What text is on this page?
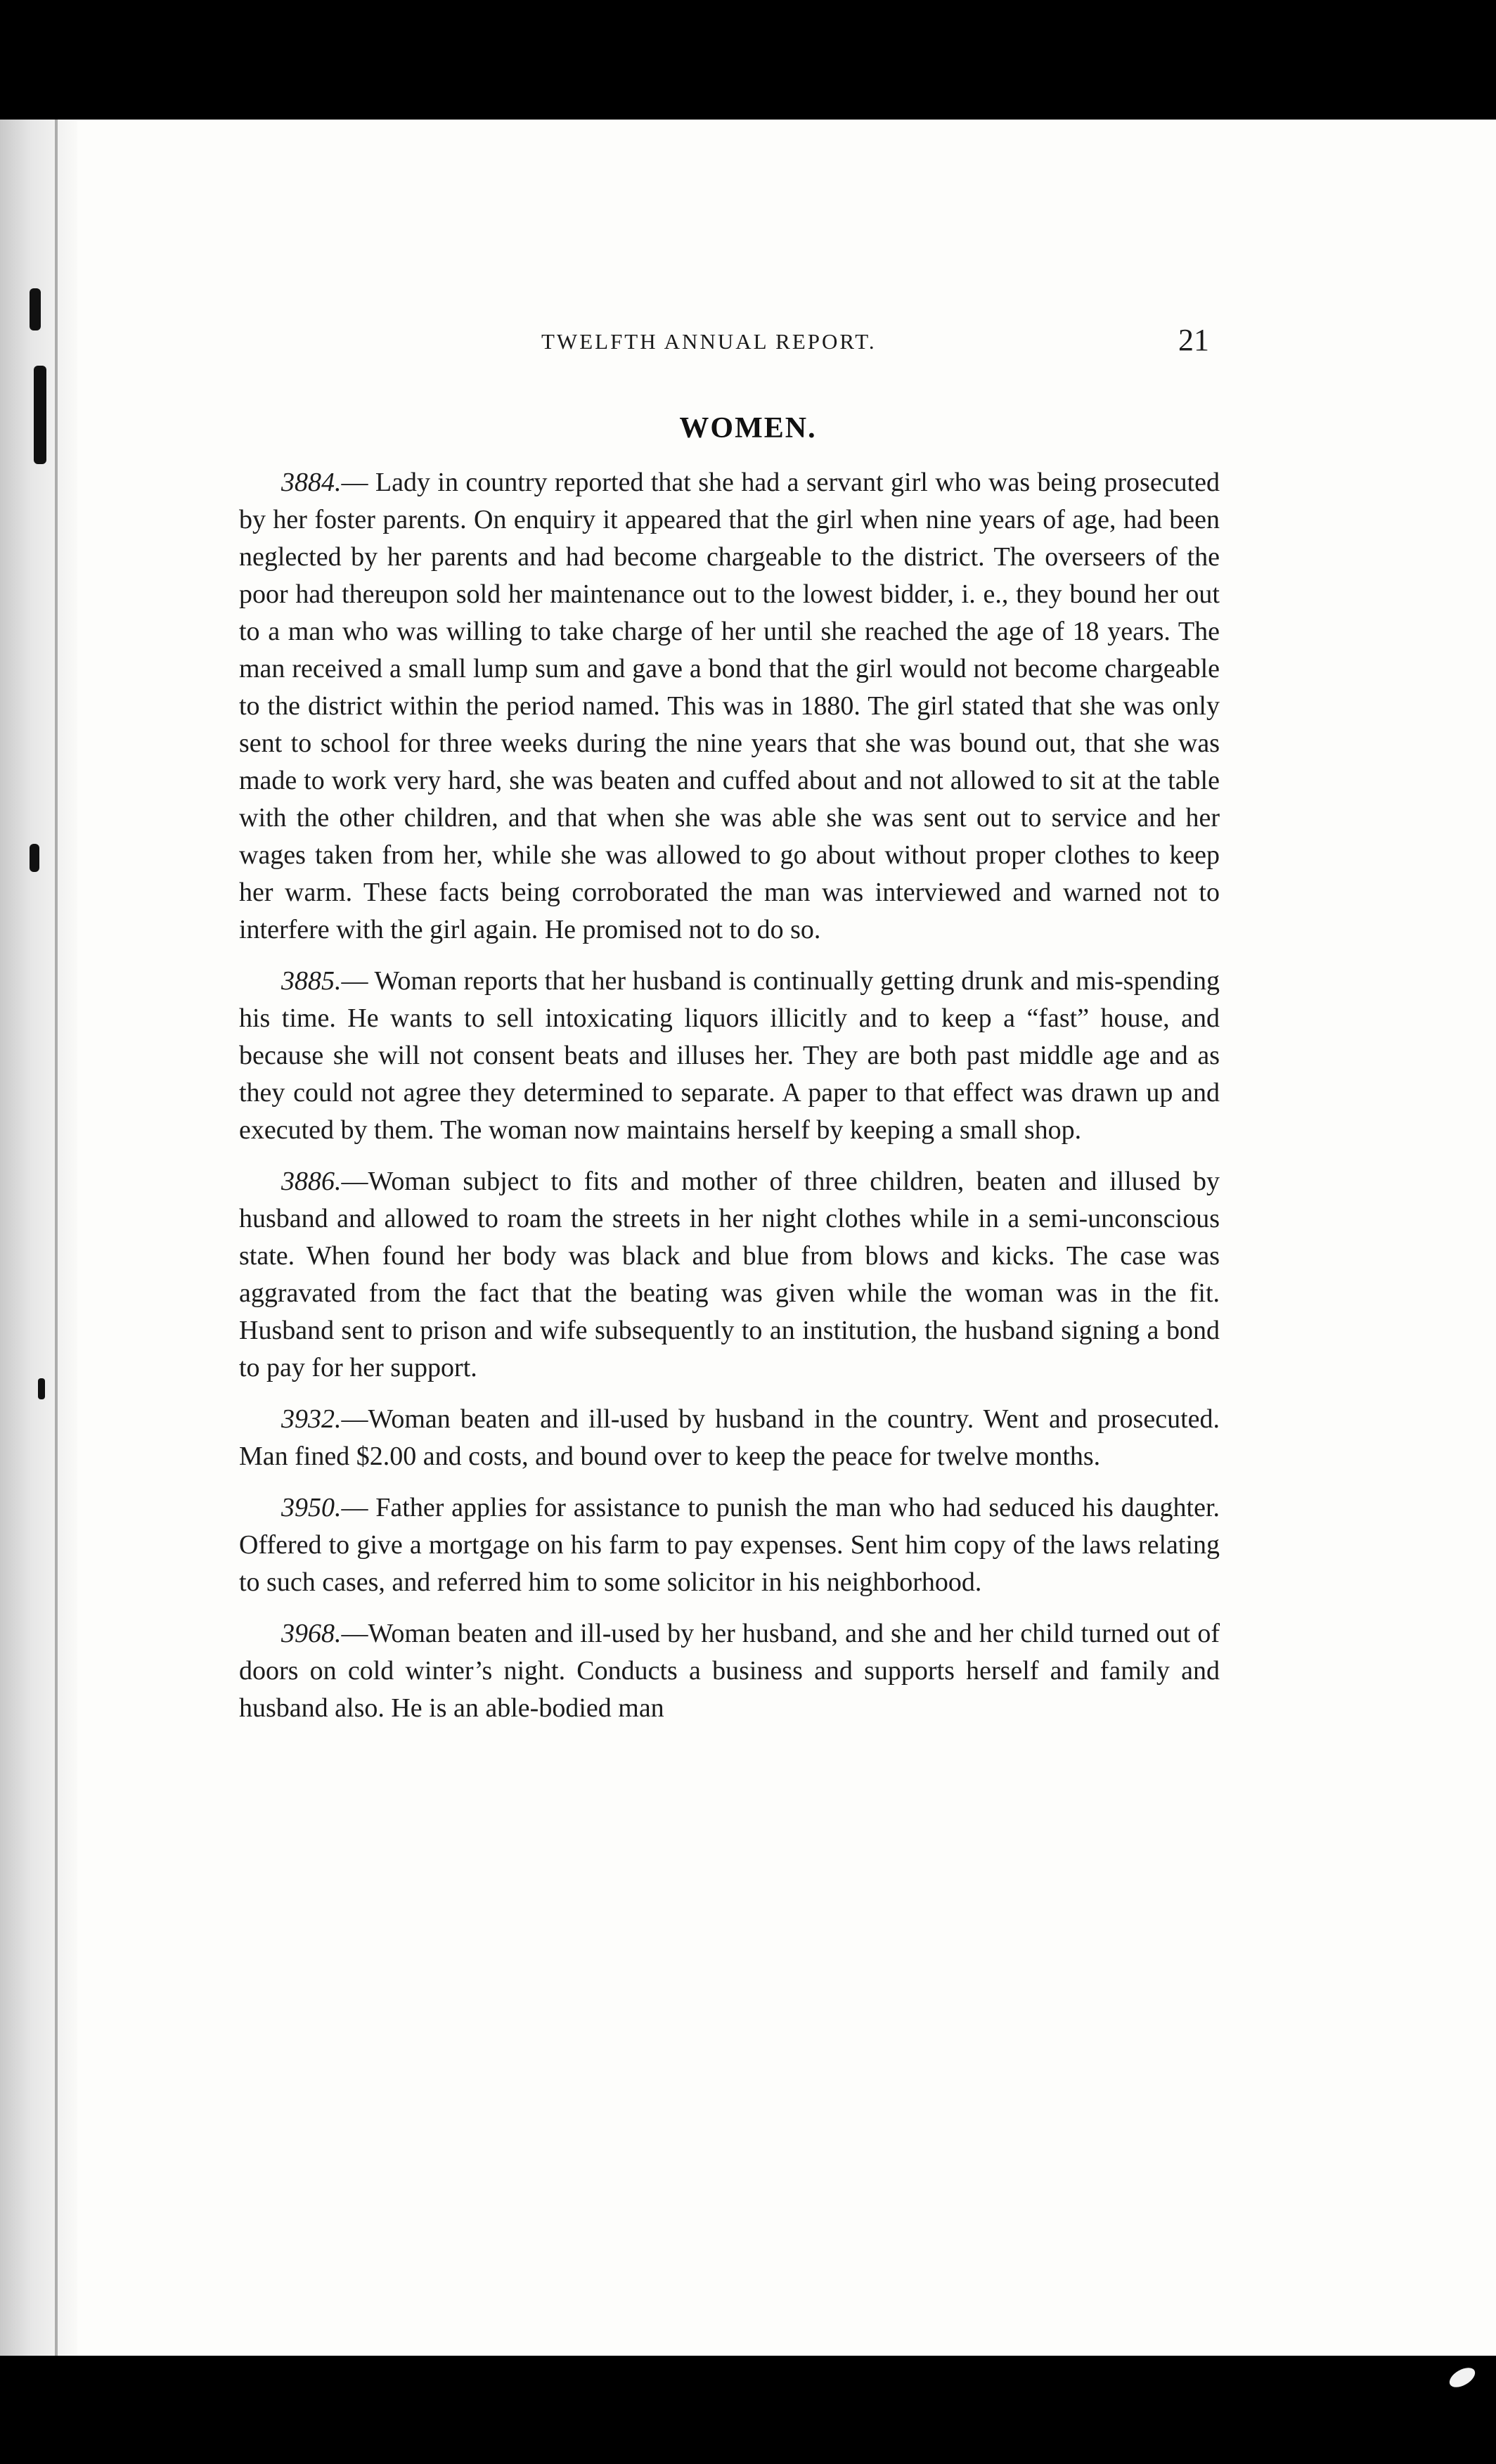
TWELFTH ANNUAL REPORT.	21
WOMEN.

3884.— Lady in country reported that she had a servant girl who was being prosecuted by her foster parents. On enquiry it appeared that the girl when nine years of age, had been neglected by her parents and had become chargeable to the district. The overseers of the poor had thereupon sold her maintenance out to the lowest bidder, i. e., they bound her out to a man who was willing to take charge of her until she reached the age of 18 years. The man received a small lump sum and gave a bond that the girl would not become chargeable to the district within the period named. This was in 1880. The girl stated that she was only sent to school for three weeks during the nine years that she was bound out, that she was made to work very hard, she was beaten and cuffed about and not allowed to sit at the table with the other children, and that when she was able she was sent out to service and her wages taken from her, while she was allowed to go about without proper clothes to keep her warm. These facts being corroborated the man was interviewed and warned not to interfere with the girl again. He promised not to do so.

3885.— Woman reports that her husband is continually getting drunk and mis-spending his time. He wants to sell intoxicating liquors illicitly and to keep a “fast” house, and because she will not consent beats and illuses her. They are both past middle age and as they could not agree they determined to separate. A paper to that effect was drawn up and executed by them. The woman now maintains herself by keeping a small shop.

3886.—Woman subject to fits and mother of three children, beaten and illused by husband and allowed to roam the streets in her night clothes while in a semi-unconscious state. When found her body was black and blue from blows and kicks. The case was aggravated from the fact that the beating was given while the woman was in the fit. Husband sent to prison and wife subsequently to an institution, the husband signing a bond to pay for her support.

3932.—Woman beaten and ill-used by husband in the country. Went and prosecuted. Man fined $2.00 and costs, and bound over to keep the peace for twelve months.

3950.— Father applies for assistance to punish the man who had seduced his daughter. Offered to give a mortgage on his farm to pay expenses. Sent him copy of the laws relating to such cases, and referred him to some solicitor in his neighborhood.

3968.—Woman beaten and ill-used by her husband, and she and her child turned out of doors on cold winter’s night. Conducts a business and supports herself and family and husband also. He is an able-bodied man
